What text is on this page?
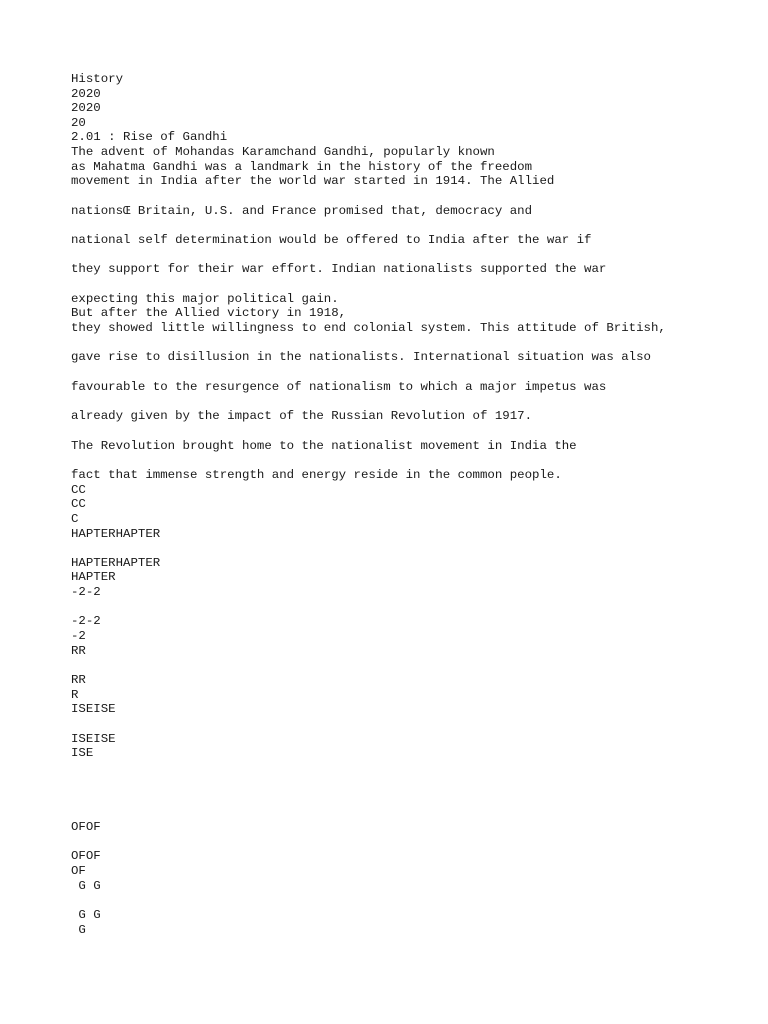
History

2020

2020

20

2.01 : Rise of Gandhi

The advent of Mohandas Karamchand Gandhi, popularly known

as Mahatma Gandhi was a landmark in the history of the freedom

movement in India after the world war started in 1914. The Allied

nationsŒ Britain, U.S. and France promised that, democracy and

national self determination would be offered to India after the war if

they support for their war effort. Indian nationalists supported the war

expecting this major political gain.

But after the Allied victory in 1918,

they showed little willingness to end colonial system. This attitude of British,

gave rise to disillusion in the nationalists. International situation was also

favourable to the resurgence of nationalism to which a major impetus was

already given by the impact of the Russian Revolution of 1917.

The Revolution brought home to the nationalist movement in India the

fact that immense strength and energy reside in the common people.

CC

CC

C

HAPTERHAPTER

HAPTERHAPTER

HAPTER

-2-2

-2-2

-2

RR

RR

R

ISEISE

ISEISE

ISE

OFOF

OFOF

OF

G G

G G

G
